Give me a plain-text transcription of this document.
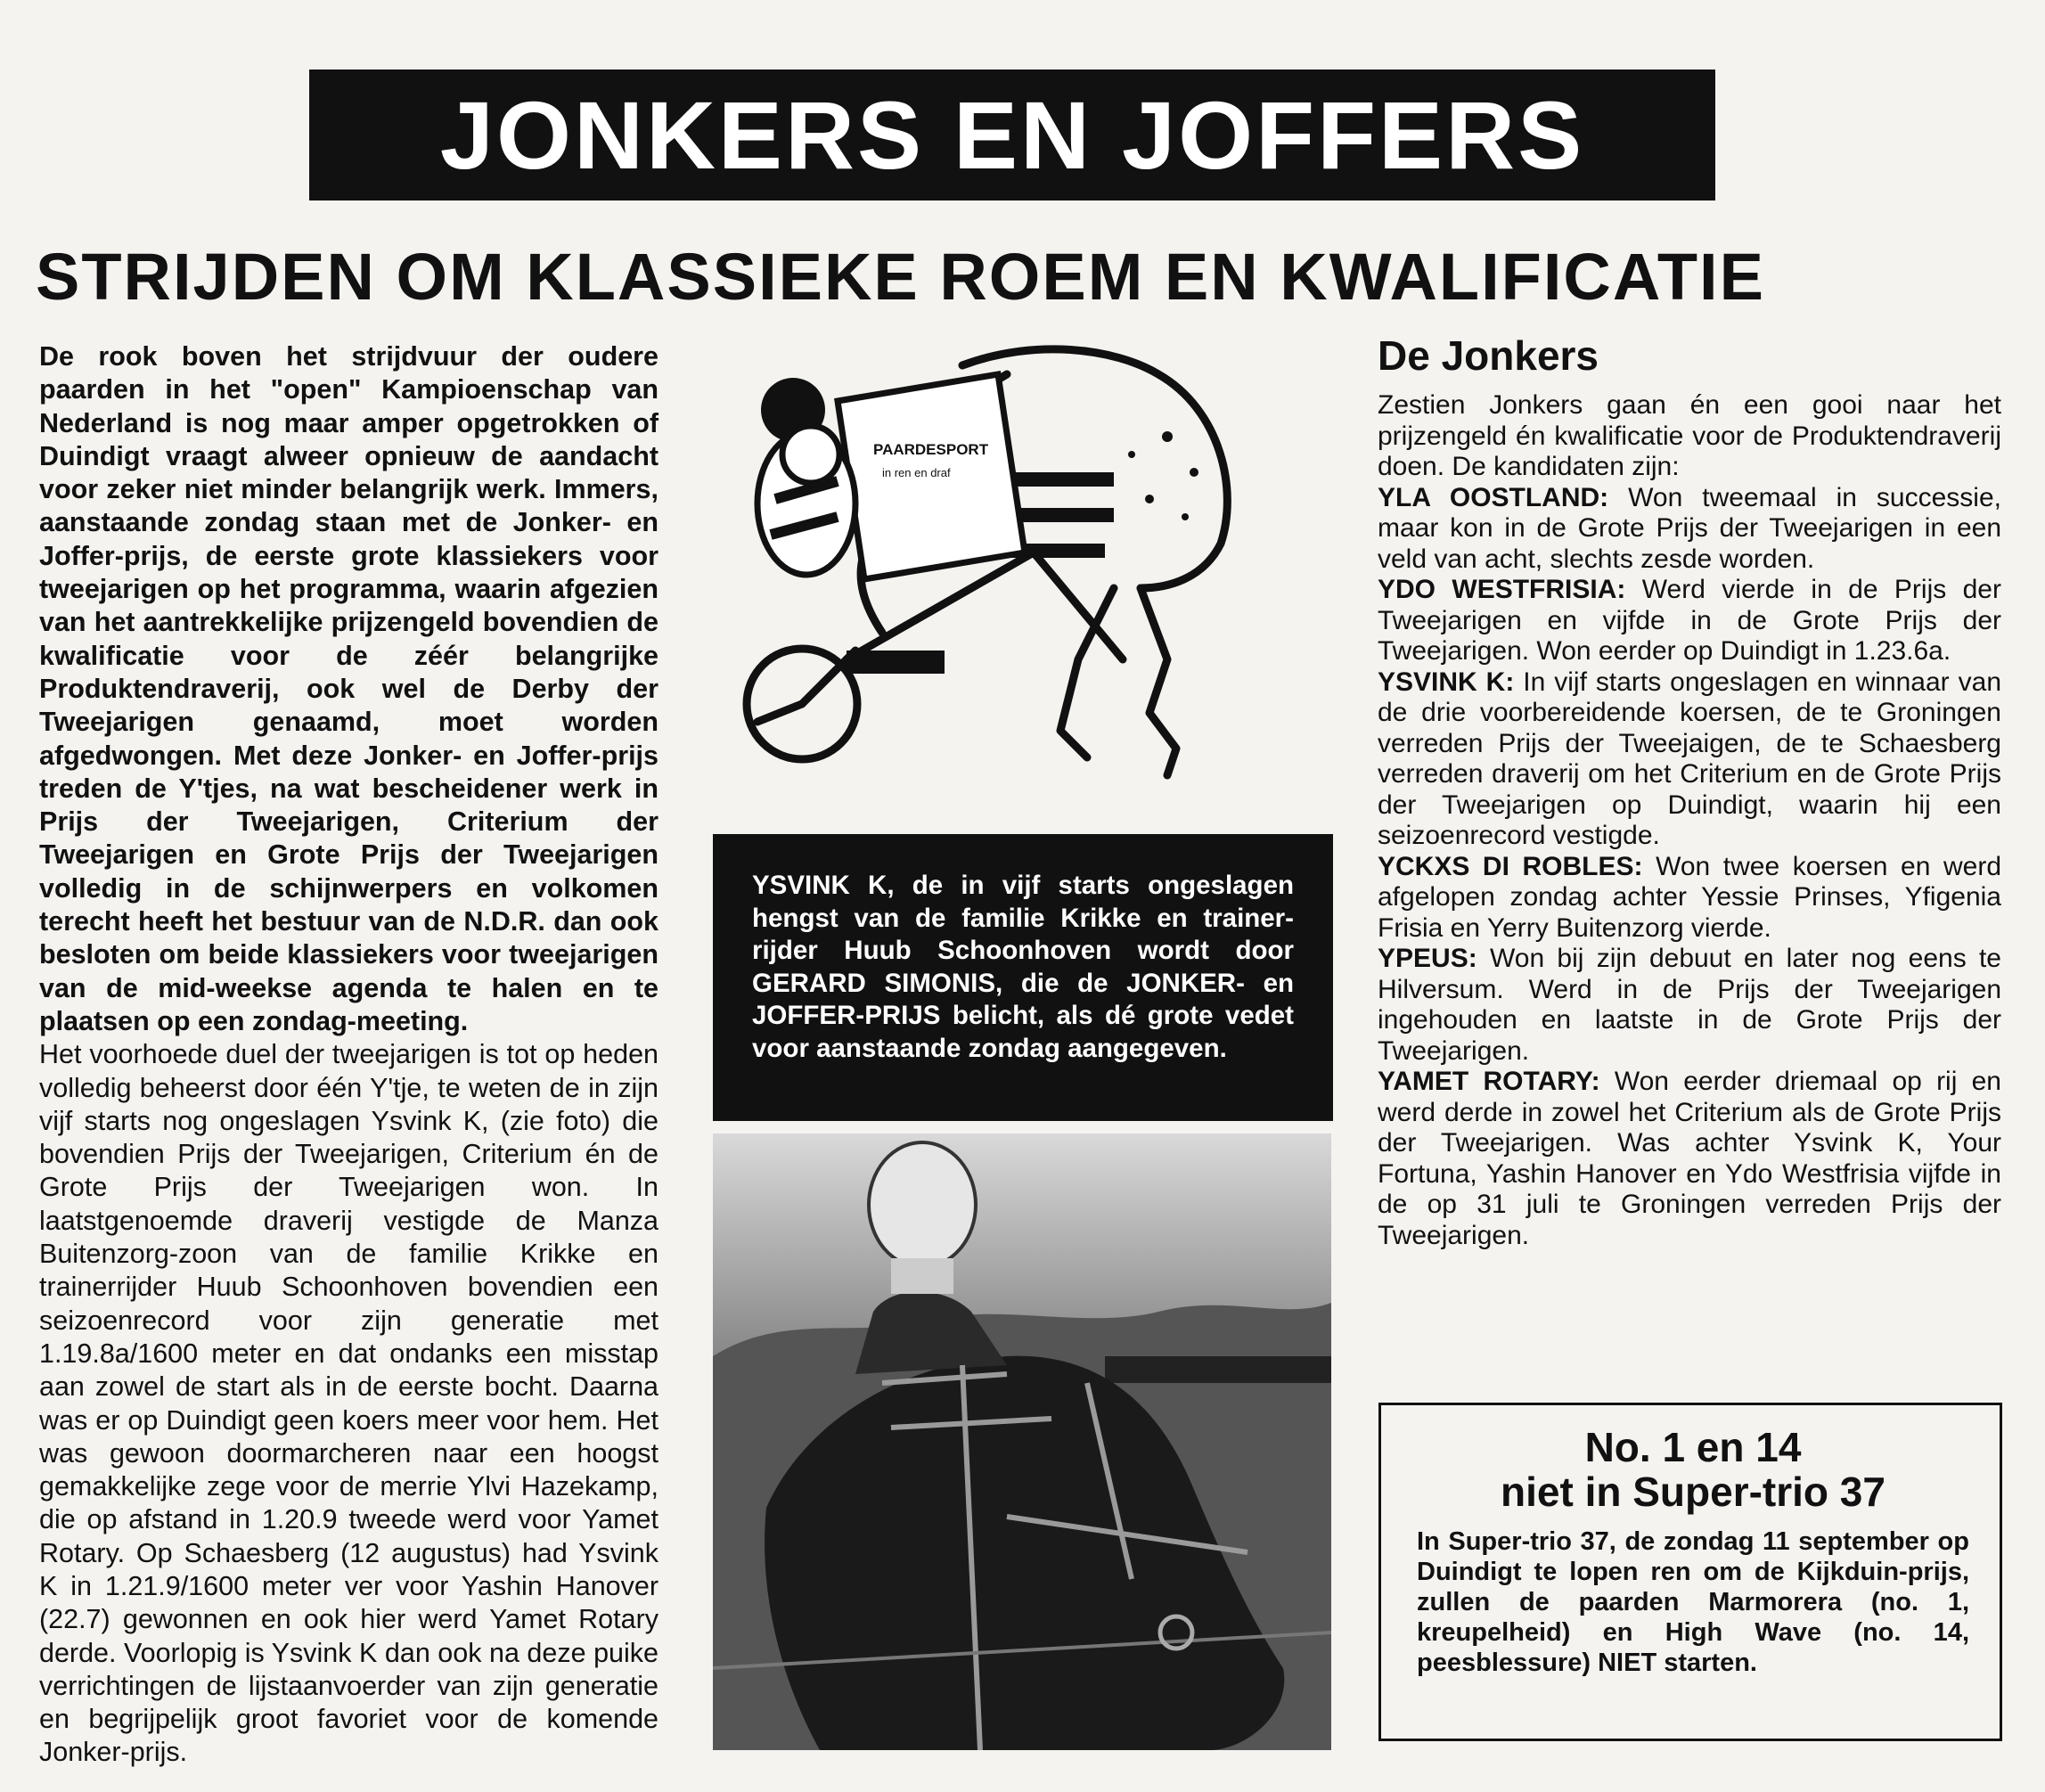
JONKERS EN JOFFERS
STRIJDEN OM KLASSIEKE ROEM EN KWALIFICATIE

De rook boven het strijdvuur der oudere paarden in het "open" Kampioenschap van Nederland is nog maar amper opgetrokken of Duindigt vraagt alweer opnieuw de aandacht voor zeker niet minder belangrijk werk. Immers, aanstaande zondag staan met de Jonker- en Joffer-prijs, de eerste grote klassiekers voor tweejarigen op het programma, waarin afgezien van het aantrekkelijke prijzengeld bovendien de kwalificatie voor de zéér belangrijke Produktendraverij, ook wel de Derby der Tweejarigen genaamd, moet worden afgedwongen. Met deze Jonker- en Joffer-prijs treden de Y'tjes, na wat bescheidener werk in Prijs der Tweejarigen, Criterium der Tweejarigen en Grote Prijs der Tweejarigen volledig in de schijnwerpers en volkomen terecht heeft het bestuur van de N.D.R. dan ook besloten om beide klassiekers voor tweejarigen van de mid-weekse agenda te halen en te plaatsen op een zondag-meeting.

Het voorhoede duel der tweejarigen is tot op heden volledig beheerst door één Y'tje, te weten de in zijn vijf starts nog ongeslagen Ysvink K, (zie foto) die bovendien Prijs der Tweejarigen, Criterium én de Grote Prijs der Tweejarigen won. In laatstgenoemde draverij vestigde de Manza Buitenzorg-zoon van de familie Krikke en trainerrijder Huub Schoonhoven bovendien een seizoenrecord voor zijn generatie met 1.19.8a/1600 meter en dat ondanks een misstap aan zowel de start als in de eerste bocht. Daarna was er op Duindigt geen koers meer voor hem. Het was gewoon doormarcheren naar een hoogst gemakkelijke zege voor de merrie Ylvi Hazekamp, die op afstand in 1.20.9 tweede werd voor Yamet Rotary. Op Schaesberg (12 augustus) had Ysvink K in 1.21.9/1600 meter ver voor Yashin Hanover (22.7) gewonnen en ook hier werd Yamet Rotary derde. Voorlopig is Ysvink K dan ook na deze puike verrichtingen de lijstaanvoerder van zijn generatie en begrijpelijk groot favoriet voor de komende Jonker-prijs.

PAARDESPORT
in ren en draf
YSVINK K, de in vijf starts ongeslagen hengst van de familie Krikke en trainer-rijder Huub Schoonhoven wordt door GERARD SIMONIS, die de JONKER- en JOFFER-PRIJS belicht, als dé grote vedet voor aanstaande zondag aangegeven.
De Jonkers

Zestien Jonkers gaan én een gooi naar het prijzengeld én kwalificatie voor de Produktendraverij doen. De kandidaten zijn:

YLA OOSTLAND: Won tweemaal in successie, maar kon in de Grote Prijs der Tweejarigen in een veld van acht, slechts zesde worden.

YDO WESTFRISIA: Werd vierde in de Prijs der Tweejarigen en vijfde in de Grote Prijs der Tweejarigen. Won eerder op Duindigt in 1.23.6a.

YSVINK K: In vijf starts ongeslagen en winnaar van de drie voorbereidende koersen, de te Groningen verreden Prijs der Tweejaigen, de te Schaesberg verreden draverij om het Criterium en de Grote Prijs der Tweejarigen op Duindigt, waarin hij een seizoenrecord vestigde.

YCKXS DI ROBLES: Won twee koersen en werd afgelopen zondag achter Yessie Prinses, Yfigenia Frisia en Yerry Buitenzorg vierde.

YPEUS: Won bij zijn debuut en later nog eens te Hilversum. Werd in de Prijs der Tweejarigen ingehouden en laatste in de Grote Prijs der Tweejarigen.

YAMET ROTARY: Won eerder driemaal op rij en werd derde in zowel het Criterium als de Grote Prijs der Tweejarigen. Was achter Ysvink K, Your Fortuna, Yashin Hanover en Ydo Westfrisia vijfde in de op 31 juli te Groningen verreden Prijs der Tweejarigen.

No. 1 en 14
niet in Super-trio 37
In Super-trio 37, de zondag 11 september op Duindigt te lopen ren om de Kijkduin-prijs, zullen de paarden Marmorera (no. 1, kreupelheid) en High Wave (no. 14, peesblessure) NIET starten.
